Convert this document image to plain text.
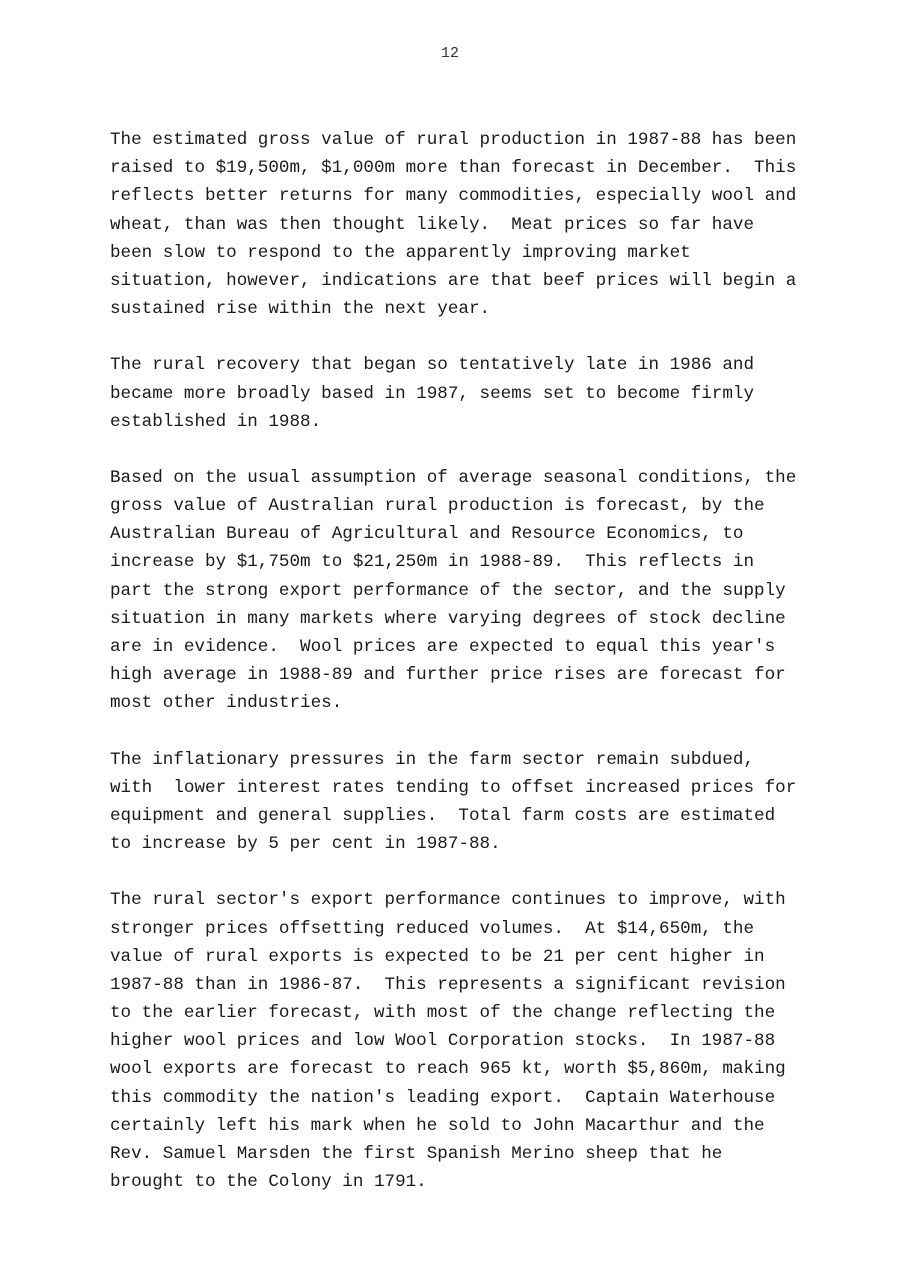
12
The estimated gross value of rural production in 1987-88 has been
raised to $19,500m, $1,000m more than forecast in December.  This
reflects better returns for many commodities, especially wool and
wheat, than was then thought likely.  Meat prices so far have
been slow to respond to the apparently improving market
situation, however, indications are that beef prices will begin a
sustained rise within the next year.
The rural recovery that began so tentatively late in 1986 and
became more broadly based in 1987, seems set to become firmly
established in 1988.
Based on the usual assumption of average seasonal conditions, the
gross value of Australian rural production is forecast, by the
Australian Bureau of Agricultural and Resource Economics, to
increase by $1,750m to $21,250m in 1988-89.  This reflects in
part the strong export performance of the sector, and the supply
situation in many markets where varying degrees of stock decline
are in evidence.  Wool prices are expected to equal this year's
high average in 1988-89 and further price rises are forecast for
most other industries.
The inflationary pressures in the farm sector remain subdued,
with  lower interest rates tending to offset increased prices for
equipment and general supplies.  Total farm costs are estimated
to increase by 5 per cent in 1987-88.
The rural sector's export performance continues to improve, with
stronger prices offsetting reduced volumes.  At $14,650m, the
value of rural exports is expected to be 21 per cent higher in
1987-88 than in 1986-87.  This represents a significant revision
to the earlier forecast, with most of the change reflecting the
higher wool prices and low Wool Corporation stocks.  In 1987-88
wool exports are forecast to reach 965 kt, worth $5,860m, making
this commodity the nation's leading export.  Captain Waterhouse
certainly left his mark when he sold to John Macarthur and the
Rev. Samuel Marsden the first Spanish Merino sheep that he
brought to the Colony in 1791.
